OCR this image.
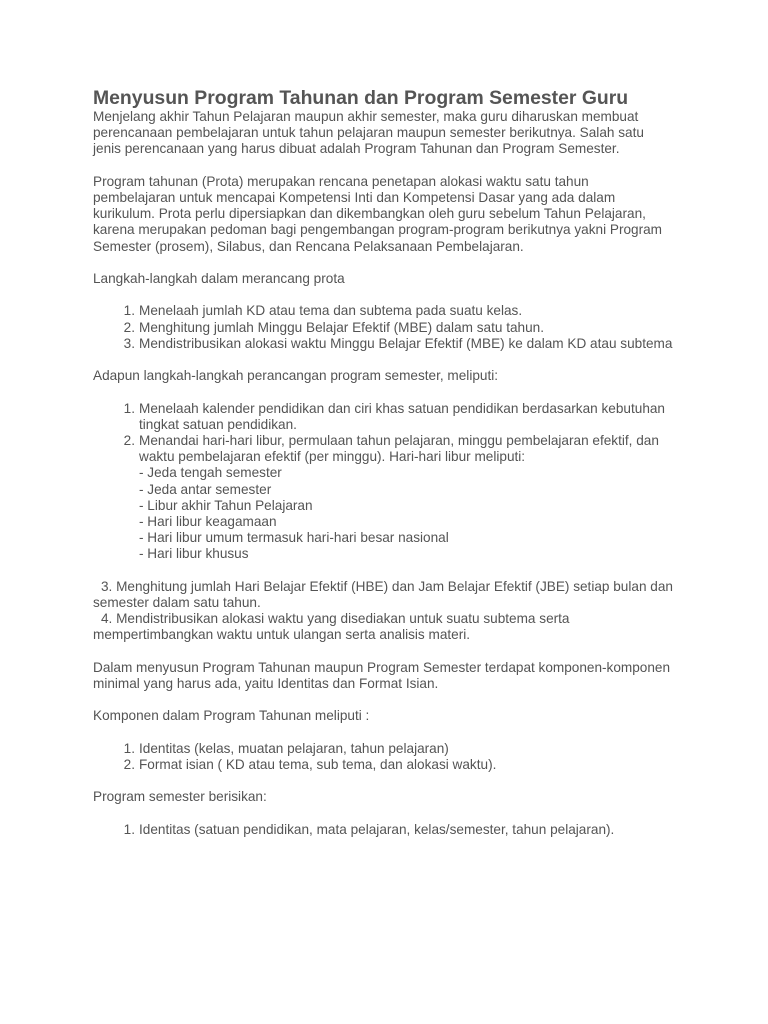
Menyusun Program Tahunan dan Program Semester Guru

Menjelang akhir Tahun Pelajaran maupun akhir semester, maka guru diharuskan membuat perencanaan pembelajaran untuk tahun pelajaran maupun semester berikutnya. Salah satu jenis perencanaan yang harus dibuat adalah Program Tahunan dan Program Semester.

Program tahunan (Prota) merupakan rencana penetapan alokasi waktu satu tahun pembelajaran untuk mencapai Kompetensi Inti dan Kompetensi Dasar yang ada dalam kurikulum. Prota perlu dipersiapkan dan dikembangkan oleh guru sebelum Tahun Pelajaran, karena merupakan pedoman bagi pengembangan program-program berikutnya yakni Program Semester (prosem), Silabus, dan Rencana Pelaksanaan Pembelajaran.

Langkah-langkah dalam merancang prota

1. Menelaah jumlah KD atau tema dan subtema pada suatu kelas.
2. Menghitung jumlah Minggu Belajar Efektif (MBE) dalam satu tahun.
3. Mendistribusikan alokasi waktu Minggu Belajar Efektif (MBE) ke dalam KD atau subtema

Adapun langkah-langkah perancangan program semester, meliputi:

1. Menelaah kalender pendidikan dan ciri khas satuan pendidikan berdasarkan kebutuhan tingkat satuan pendidikan.
2. Menandai hari-hari libur, permulaan tahun pelajaran, minggu pembelajaran efektif, dan waktu pembelajaran efektif (per minggu). Hari-hari libur meliputi:
- Jeda tengah semester
- Jeda antar semester
- Libur akhir Tahun Pelajaran
- Hari libur keagamaan
- Hari libur umum termasuk hari-hari besar nasional
- Hari libur khusus

3. Menghitung jumlah Hari Belajar Efektif (HBE) dan Jam Belajar Efektif (JBE) setiap bulan dan semester dalam satu tahun.

4. Mendistribusikan alokasi waktu yang disediakan untuk suatu subtema serta mempertimbangkan waktu untuk ulangan serta analisis materi.

Dalam menyusun Program Tahunan maupun Program Semester terdapat komponen-komponen minimal yang harus ada, yaitu Identitas dan Format Isian.

Komponen dalam Program Tahunan meliputi :

1. Identitas (kelas, muatan pelajaran, tahun pelajaran)
2. Format isian ( KD atau tema, sub tema, dan alokasi waktu).

Program semester berisikan:

1. Identitas (satuan pendidikan, mata pelajaran, kelas/semester, tahun pelajaran).
